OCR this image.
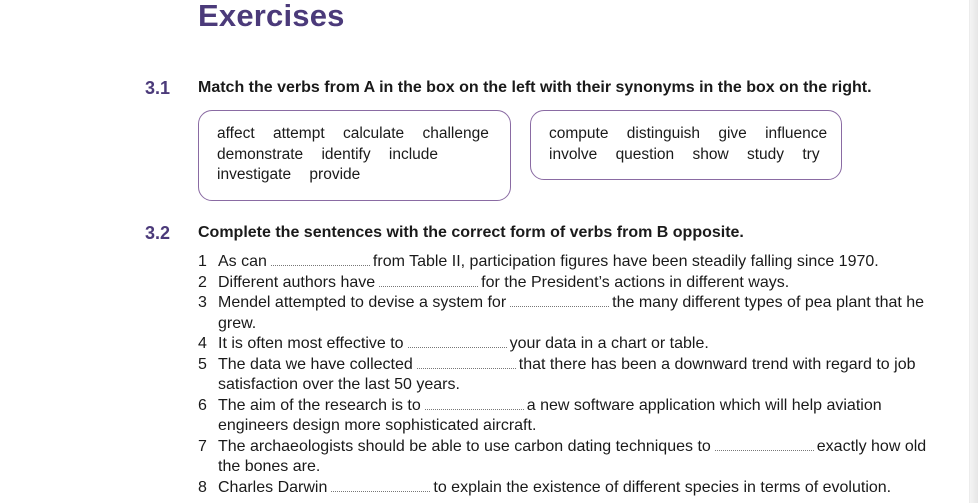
Exercises
3.1 Match the verbs from A in the box on the left with their synonyms in the box on the right.
affect attempt calculate challenge
demonstrate identify include
investigate provide
compute distinguish give influence
involve question show study try
3.2 Complete the sentences with the correct form of verbs from B opposite.
1 As can	from Table II, participation figures have been steadily falling since 1970.
2 Different authors have	for the President’s actions in different ways.
3 Mendel attempted to devise a system for	the many different types of pea plant that he grew.
4 It is often most effective to	your data in a chart or table.
5 The data we have collected	that there has been a downward trend with regard to job satisfaction over the last 50 years.
6 The aim of the research is to	a new software application which will help aviation engineers design more sophisticated aircraft.
7 The archaeologists should be able to use carbon dating techniques to	exactly how old the bones are.
8 Charles Darwin	to explain the existence of different species in terms of evolution.
